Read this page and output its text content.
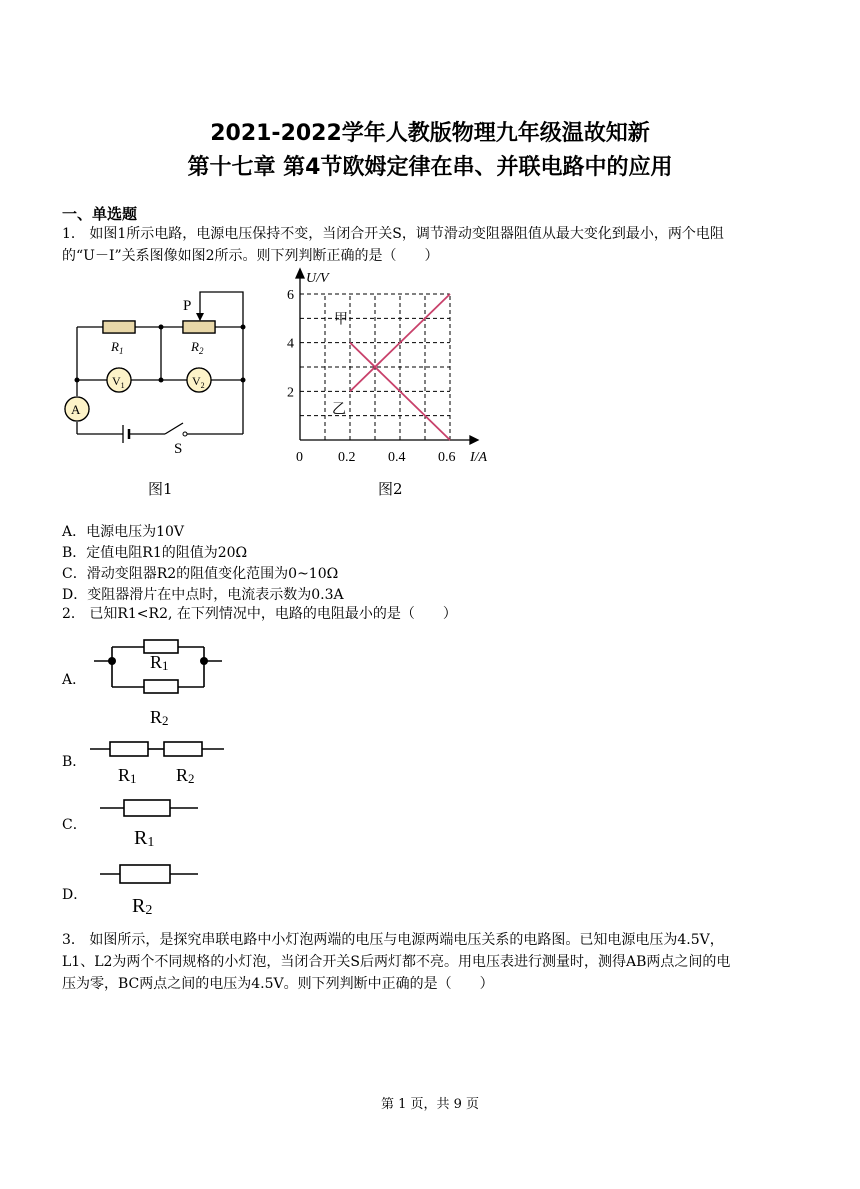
2021-2022学年人教版物理九年级温故知新
第十七章 第4节欧姆定律在串、并联电路中的应用
一、单选题
1． 如图1所示电路，电源电压保持不变，当闭合开关S，调节滑动变阻器阻值从最大变化到最小，两个电阻
的“U－I”关系图像如图2所示。则下列判断正确的是（　　）
P
$R_1$	$R_2$
$V_1$	$V_2$
A
S
图1
甲
乙
0	0.2 0.4 0.6
2
4
6
I/A
U/V
图2
A．电源电压为10V
B．定值电阻R1的阻值为20Ω
C．滑动变阻器R2的阻值变化范围为0~10Ω
D．变阻器滑片在中点时，电流表示数为0.3A
2． 已知R1<R2, 在下列情况中，电路的电阻最小的是（　　）
A．
R1
R2
B．
R1 R2
C．
R1
D． R2
3． 如图所示，是探究串联电路中小灯泡两端的电压与电源两端电压关系的电路图。已知电源电压为4.5V，
L1、L2为两个不同规格的小灯泡，当闭合开关S后两灯都不亮。用电压表进行测量时，测得AB两点之间的电
压为零，BC两点之间的电压为4.5V。则下列判断中正确的是（　　）
第 1 页，共 9 页
